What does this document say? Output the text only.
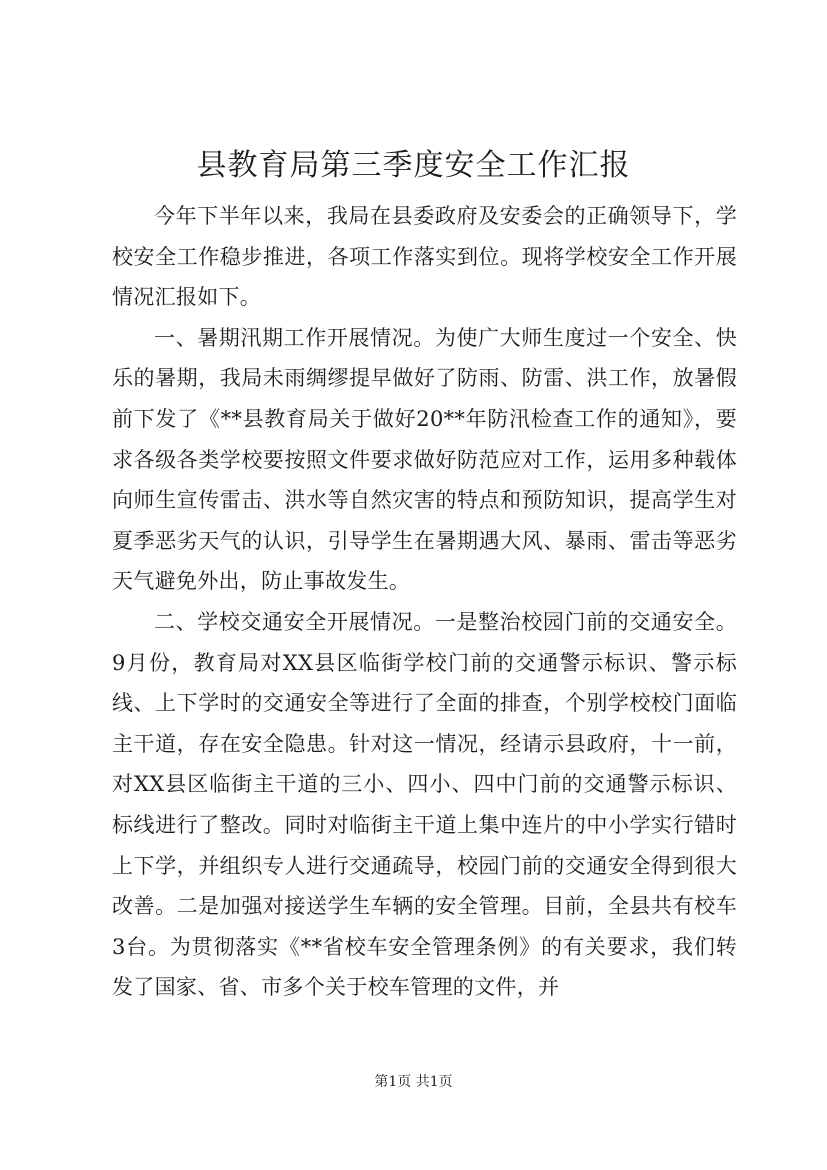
县教育局第三季度安全工作汇报

今年下半年以来，我局在县委政府及安委会的正确领导下，学校安全工作稳步推进，各项工作落实到位。现将学校安全工作开展情况汇报如下。

一、暑期汛期工作开展情况。为使广大师生度过一个安全、快乐的暑期，我局未雨绸缪提早做好了防雨、防雷、洪工作，放暑假前下发了《**县教育局关于做好20**年防汛检查工作的通知》，要求各级各类学校要按照文件要求做好防范应对工作，运用多种载体向师生宣传雷击、洪水等自然灾害的特点和预防知识，提高学生对夏季恶劣天气的认识，引导学生在暑期遇大风、暴雨、雷击等恶劣天气避免外出，防止事故发生。

二、学校交通安全开展情况。一是整治校园门前的交通安全。9月份，教育局对XX县区临街学校门前的交通警示标识、警示标线、上下学时的交通安全等进行了全面的排查，个别学校校门面临主干道，存在安全隐患。针对这一情况，经请示县政府，十一前，对XX县区临街主干道的三小、四小、四中门前的交通警示标识、标线进行了整改。同时对临街主干道上集中连片的中小学实行错时上下学，并组织专人进行交通疏导，校园门前的交通安全得到很大改善。二是加强对接送学生车辆的安全管理。目前，全县共有校车3台。为贯彻落实《**省校车安全管理条例》的有关要求，我们转发了国家、省、市多个关于校车管理的文件，并

第1页 共1页
